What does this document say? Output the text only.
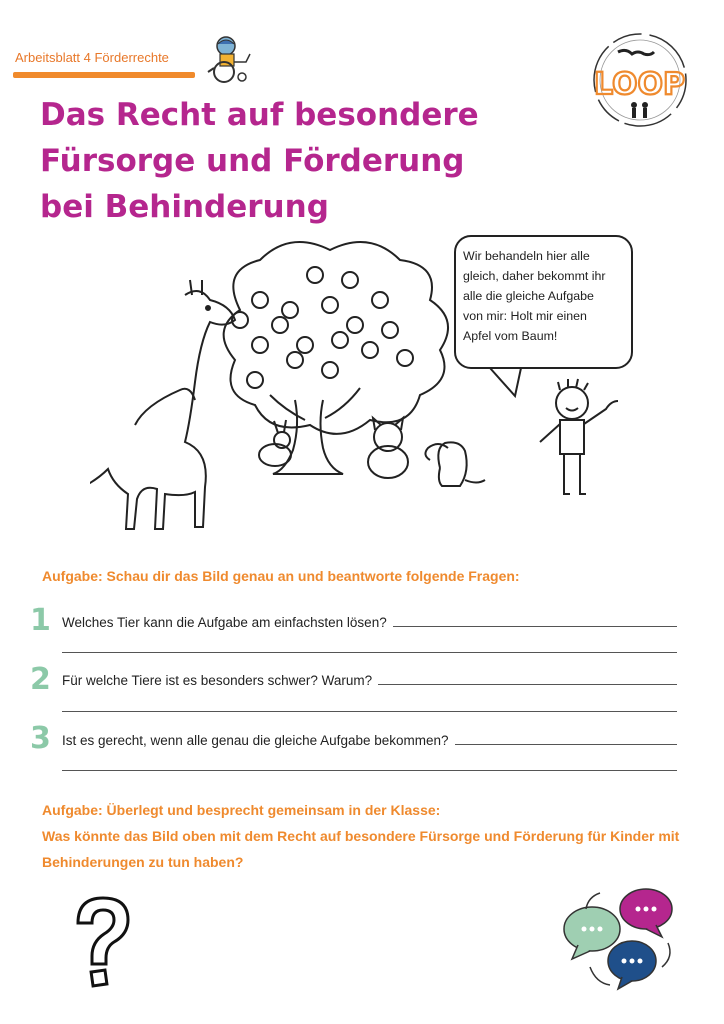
Arbeitsblatt 4 Förderrechte
LOOP
Das Recht auf besondere
Fürsorge und Förderung
bei Behinderung
Wir behandeln hier alle
gleich, daher bekommt ihr
alle die gleiche Aufgabe
von mir: Holt mir einen
Apfel vom Baum!
Aufgabe: Schau dir das Bild genau an und beantworte folgende Fragen:
1 Welches Tier kann die Aufgabe am einfachsten lösen?
2 Für welche Tiere ist es besonders schwer? Warum?
3 Ist es gerecht, wenn alle genau die gleiche Aufgabe bekommen?
Aufgabe: Überlegt und besprecht gemeinsam in der Klasse:
Was könnte das Bild oben mit dem Recht auf besondere Fürsorge und Förderung für Kinder mit
Behinderungen zu tun haben?
